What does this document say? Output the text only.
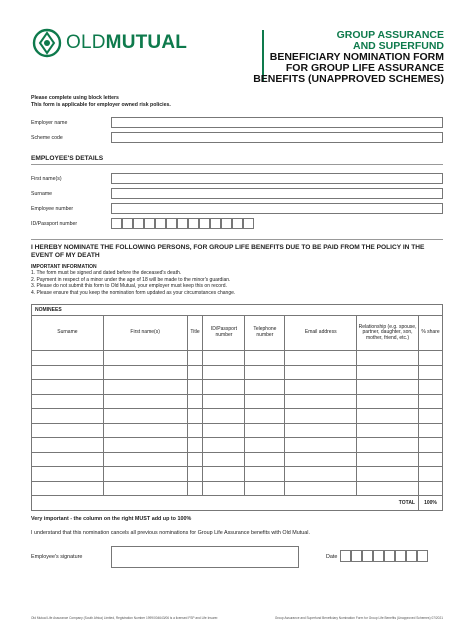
OLDMUTUAL	GROUP ASSURANCE
AND SUPERFUND
BENEFICIARY NOMINATION FORM
FOR GROUP LIFE ASSURANCE
BENEFITS (UNAPPROVED SCHEMES)
Please complete using block letters
This form is applicable for employer owned risk policies.
Employer name
Scheme code
EMPLOYEE'S DETAILS
First name(s)
Surname
Employee number
ID/Passport number
I HEREBY NOMINATE THE FOLLOWING PERSONS, FOR GROUP LIFE BENEFITS DUE TO BE PAID FROM THE POLICY IN THE EVENT OF MY DEATH
IMPORTANT INFORMATION
1. The form must be signed and dated before the deceased's death.
2. Payment in respect of a minor under the age of 18 will be made to the minor's guardian.
3. Please do not submit this form to Old Mutual, your employer must keep this on record.
4. Please ensure that you keep the nomination form updated as your circumstances change.
NOMINEES							
Surname	First name(s)	Title	ID/Passport number	Telephone number	Email address	Relationship (e.g. spouse, partner, daughter, son, mother, friend, etc.)	% share

TOTAL							100%
Very important - the column on the right MUST add up to 100%
I understand that this nomination cancels all previous nominations for Group Life Assurance benefits with Old Mutual.
Employee's signature	Date
Old Mutual Life Assurance Company (South Africa) Limited, Registration Number 1999/004643/06 is a licensed FSP and Life Insurer.	Group Assurance and Superfund Beneficiary Nomination Form for Group Life Benefits (Unapproved Schemes) 07/2021
